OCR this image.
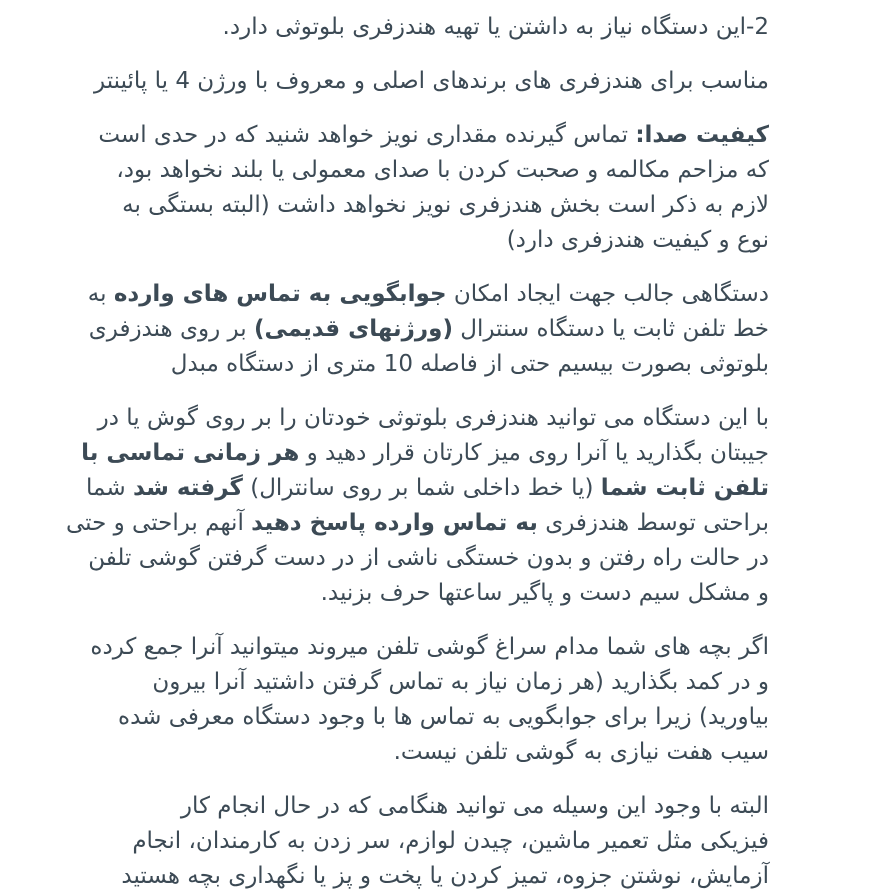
2-این دستگاه نیاز به داشتن یا تهیه هندزفری بلوتوثی دارد.

مناسب برای هندزفری های برندهای اصلی و معروف با ورژن 4 یا پائینتر

کیفیت صدا: تماس گیرنده مقداری نویز خواهد شنید که در حدی است
که مزاحم مکالمه و صحبت کردن با صدای معمولی یا بلند نخواهد بود،
لازم به ذکر است بخش هندزفری نویز نخواهد داشت (البته بستگی به
نوع و کیفیت هندزفری دارد)

دستگاهی جالب جهت ایجاد امکان جوابگویی به تماس های وارده به
خط تلفن ثابت یا دستگاه سنترال (ورژنهای قدیمی) بر روی هندزفری
بلوتوثی بصورت بیسیم حتی از فاصله 10 متری از دستگاه مبدل

با این دستگاه می توانید هندزفری بلوتوثی خودتان را بر روی گوش یا در
جیبتان بگذارید یا آنرا روی میز کارتان قرار دهید و هر زمانی تماسی با
تلفن ثابت شما (یا خط داخلی شما بر روی سانترال) گرفته شد شما
براحتی توسط هندزفری به تماس وارده پاسخ دهید آنهم براحتی و حتی
در حالت راه رفتن و بدون خستگی ناشی از در دست گرفتن گوشی تلفن
و مشکل سیم دست و پاگیر ساعتها حرف بزنید.

اگر بچه های شما مدام سراغ گوشی تلفن میروند میتوانید آنرا جمع کرده
و در کمد بگذارید (هر زمان نیاز به تماس گرفتن داشتید آنرا بیرون
بیاورید) زیرا برای جوابگویی به تماس ها با وجود دستگاه معرفی شده
سیب هفت نیازی به گوشی تلفن نیست.

البته با وجود این وسیله می توانید هنگامی که در حال انجام کار
فیزیکی مثل تعمیر ماشین، چیدن لوازم، سر زدن به کارمندان، انجام
آزمایش، نوشتن جزوه، تمیز کردن یا پخت و پز یا نگهداری بچه هستید
